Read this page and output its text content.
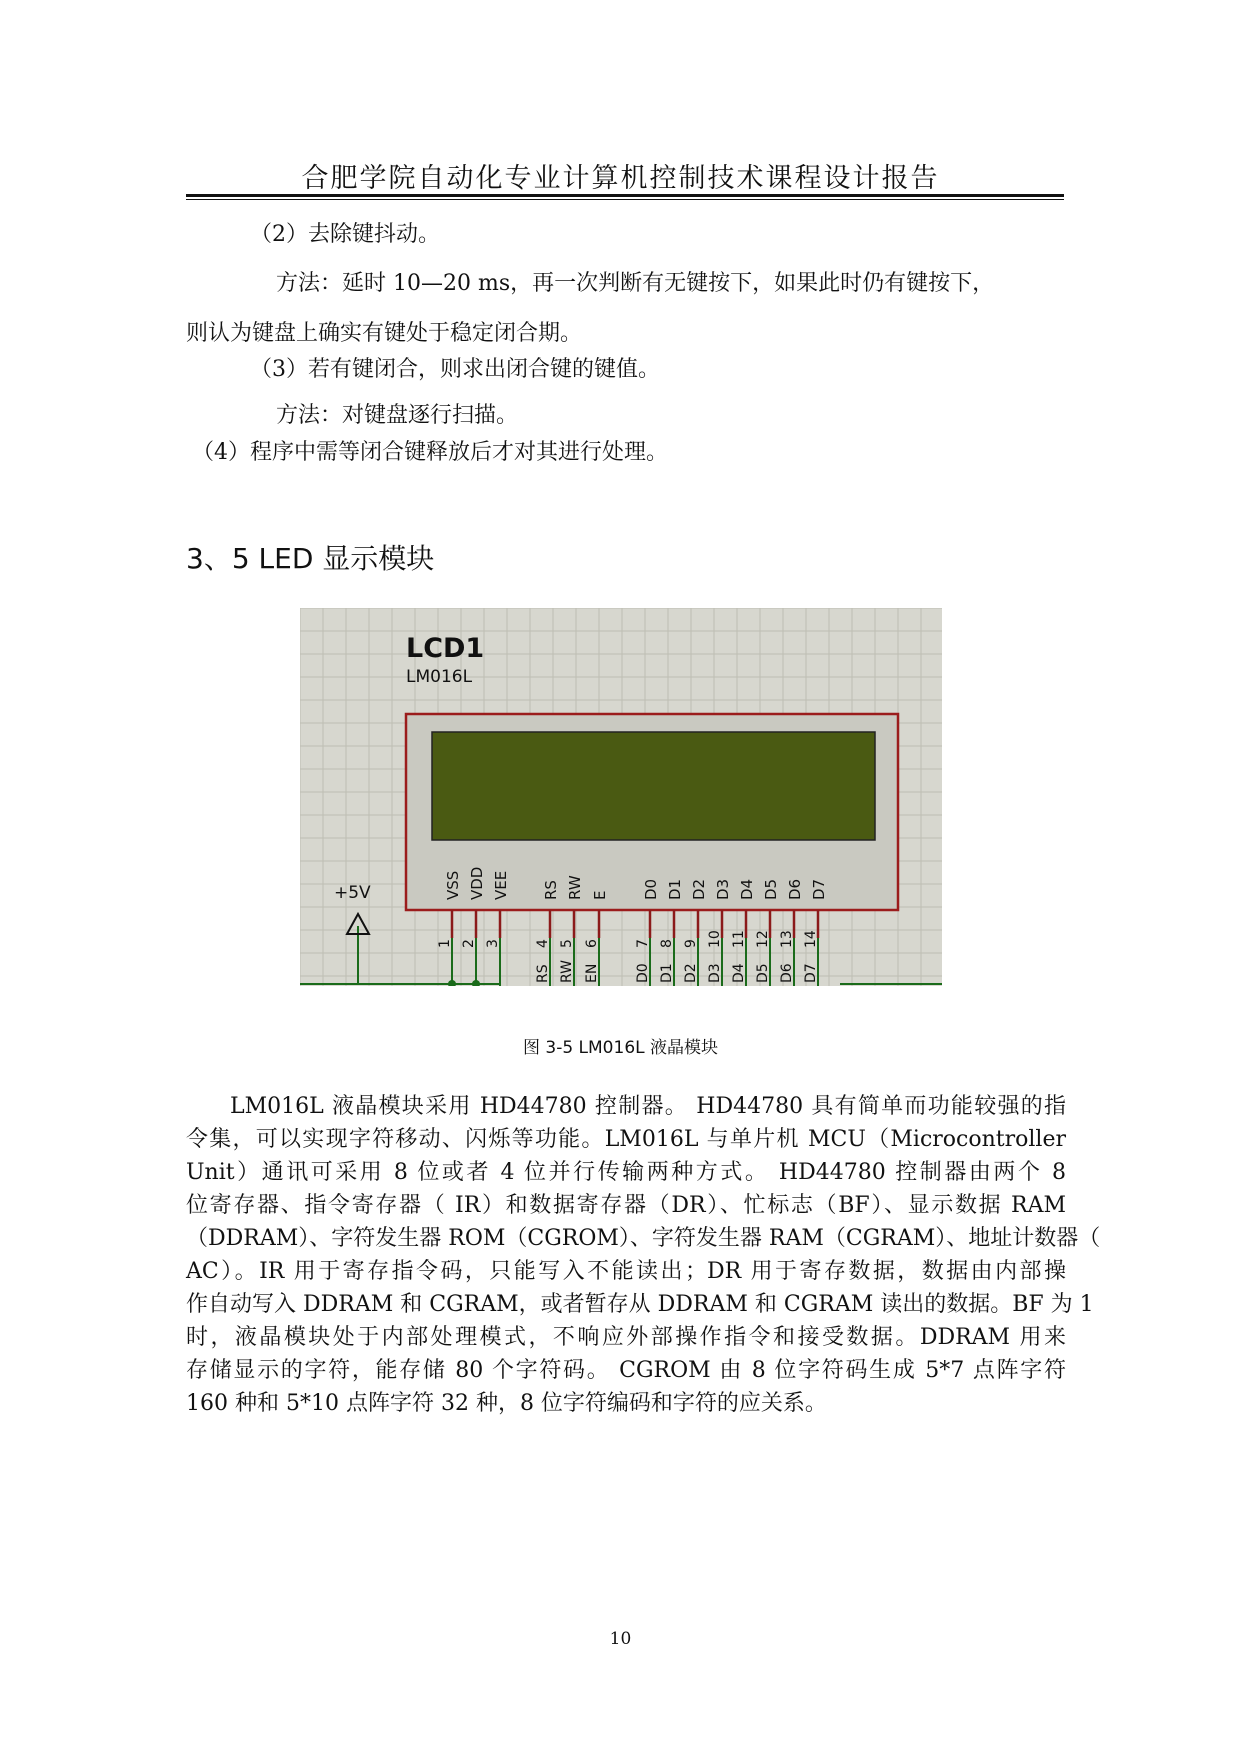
合肥学院自动化专业计算机控制技术课程设计报告
（2）去除键抖动。
方法：延时 10—20 ms，再一次判断有无键按下，如果此时仍有键按下，
则认为键盘上确实有键处于稳定闭合期。
（3）若有键闭合，则求出闭合键的键值。
方法：对键盘逐行扫描。
（4）程序中需等闭合键释放后才对其进行处理。
3、5 LED 显示模块
LCD1
LM016L
VSS
1
VDD
2
VEE
3
RS
4
RS
RW
5
RW
E
6
EN
D0
7
D0
D1
8
D1
D2
9
D2
D3
10
D3
D4
11
D4
D5
12
D5
D6
13
D6
D7
14
D7
+5V
图 3-5 LM016L 液晶模块
LM016L 液晶模块采用 HD44780 控制器。 HD44780 具有简单而功能较强的指
令集，可以实现字符移动、闪烁等功能。LM016L 与单片机 MCU（Microcontroller
Unit）通讯可采用 8 位或者 4 位并行传输两种方式。 HD44780 控制器由两个 8
位寄存器、指令寄存器（ IR）和数据寄存器（DR）、忙标志（BF）、显示数据 RAM
（DDRAM）、字符发生器 ROM（CGROM）、字符发生器 RAM（CGRAM）、地址计数器（
AC）。IR 用于寄存指令码，只能写入不能读出；DR 用于寄存数据，数据由内部操
作自动写入 DDRAM 和 CGRAM，或者暂存从 DDRAM 和 CGRAM 读出的数据。BF 为 1
时，液晶模块处于内部处理模式，不响应外部操作指令和接受数据。DDRAM 用来
存储显示的字符，能存储 80 个字符码。 CGROM 由 8 位字符码生成 5*7 点阵字符
160 种和 5*10 点阵字符 32 种，8 位字符编码和字符的应关系。
10
